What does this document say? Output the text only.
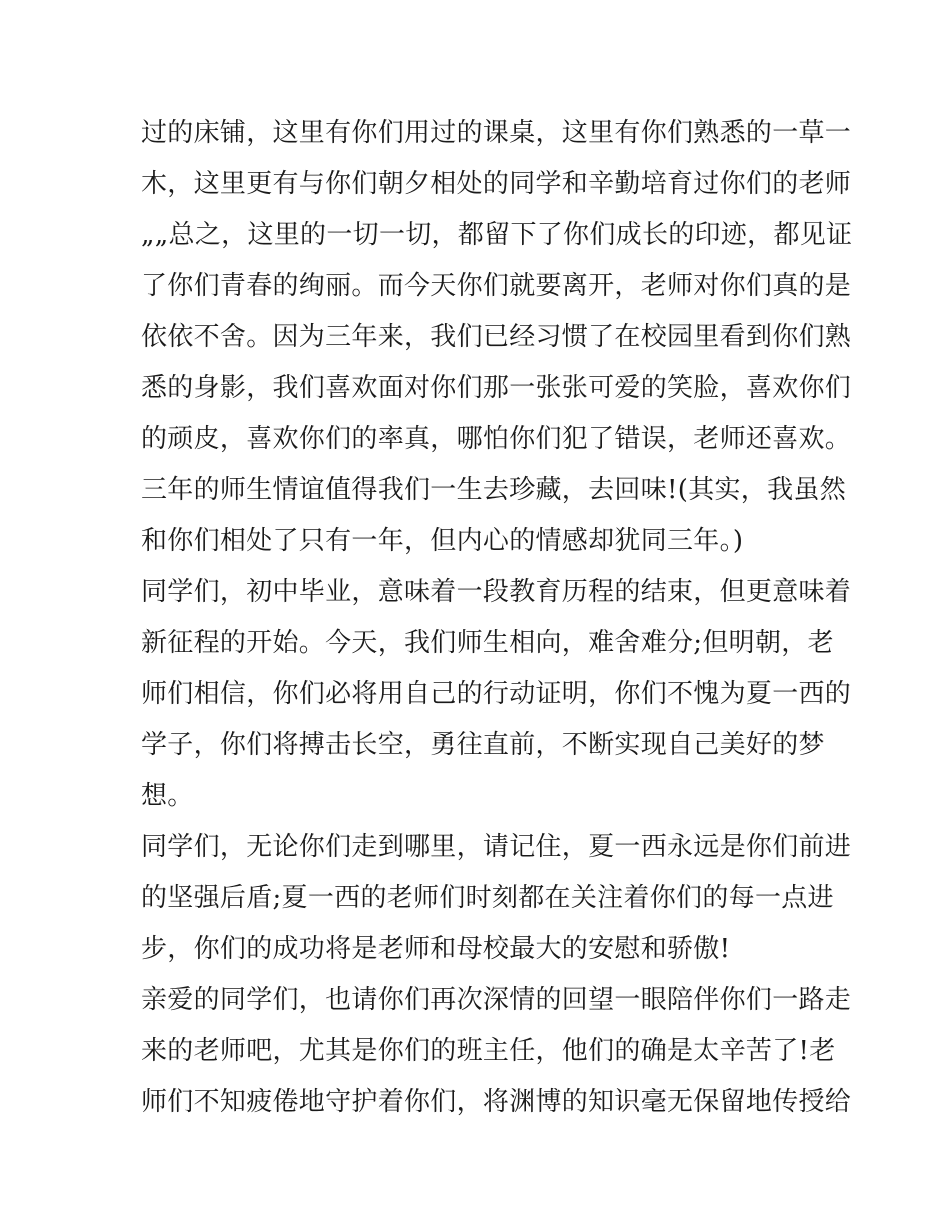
过的床铺，这里有你们用过的课桌，这里有你们熟悉的一草一
木，这里更有与你们朝夕相处的同学和辛勤培育过你们的老师
„„总之，这里的一切一切，都留下了你们成长的印迹，都见证
了你们青春的绚丽。而今天你们就要离开，老师对你们真的是
依依不舍。因为三年来，我们已经习惯了在校园里看到你们熟
悉的身影，我们喜欢面对你们那一张张可爱的笑脸，喜欢你们
的顽皮，喜欢你们的率真，哪怕你们犯了错误，老师还喜欢。
三年的师生情谊值得我们一生去珍藏，去回味!(其实，我虽然
和你们相处了只有一年，但内心的情感却犹同三年。)
同学们，初中毕业，意味着一段教育历程的结束，但更意味着
新征程的开始。今天，我们师生相向，难舍难分;但明朝，老
师们相信，你们必将用自己的行动证明，你们不愧为夏一西的
学子，你们将搏击长空，勇往直前，不断实现自己美好的梦
想。
同学们，无论你们走到哪里，请记住，夏一西永远是你们前进
的坚强后盾;夏一西的老师们时刻都在关注着你们的每一点进
步，你们的成功将是老师和母校最大的安慰和骄傲!
亲爱的同学们，也请你们再次深情的回望一眼陪伴你们一路走
来的老师吧，尤其是你们的班主任，他们的确是太辛苦了!老
师们不知疲倦地守护着你们，将渊博的知识毫无保留地传授给
